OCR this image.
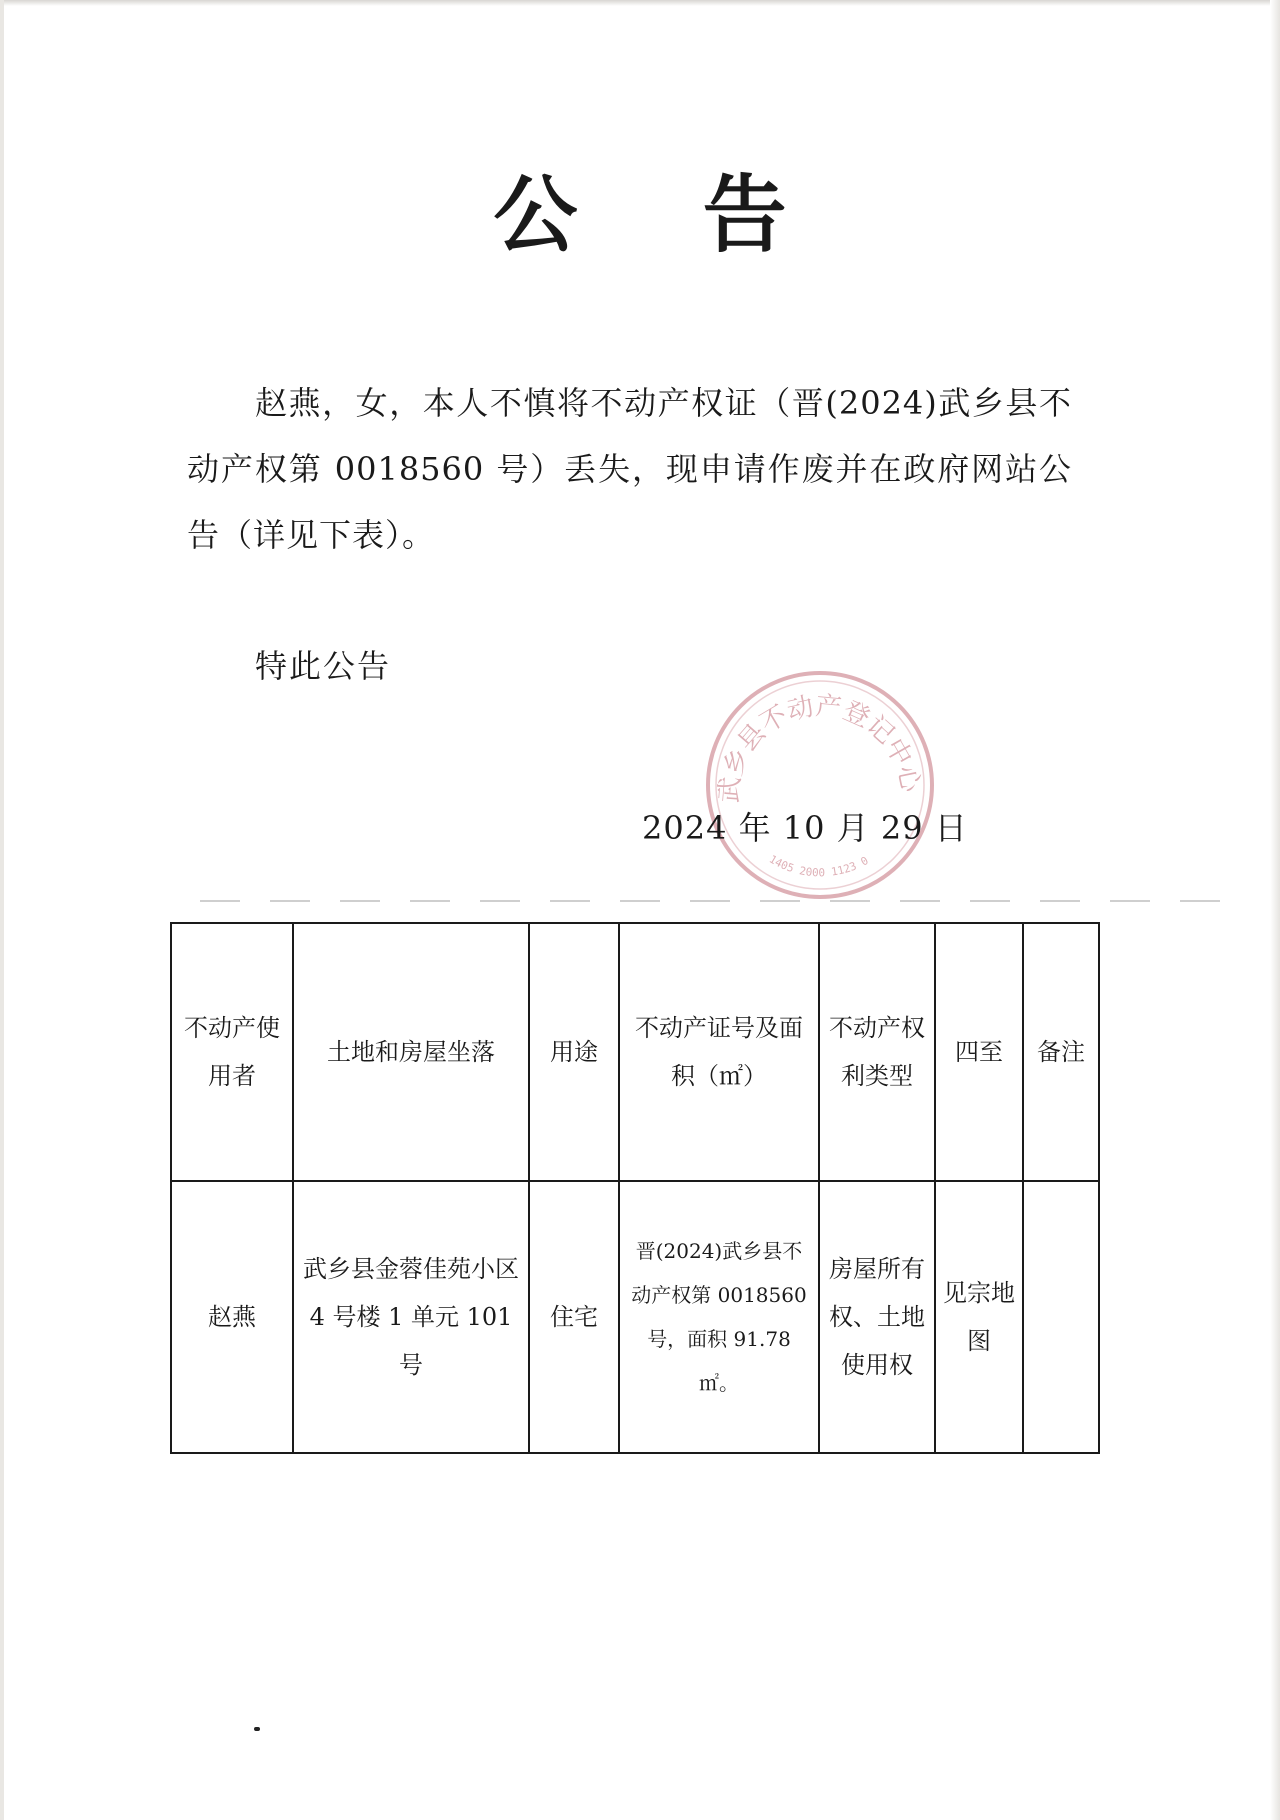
公 告
赵燕，女，本人不慎将不动产权证（晋(2024)武乡县不动产权第 0018560 号）丢失，现申请作废并在政府网站公告（详见下表）。
特此公告
武乡县不动产登记中心
1405 2000 1123 0
2024 年 10 月 29 日
不动产使用者	土地和房屋坐落	用途	不动产证号及面积（㎡）	不动产权利类型	四至	备注
赵燕	武乡县金蓉佳苑小区 4 号楼 1 单元 101 号	住宅	晋(2024)武乡县不动产权第 0018560 号，面积 91.78 ㎡。	房屋所有权、土地使用权	见宗地图	
